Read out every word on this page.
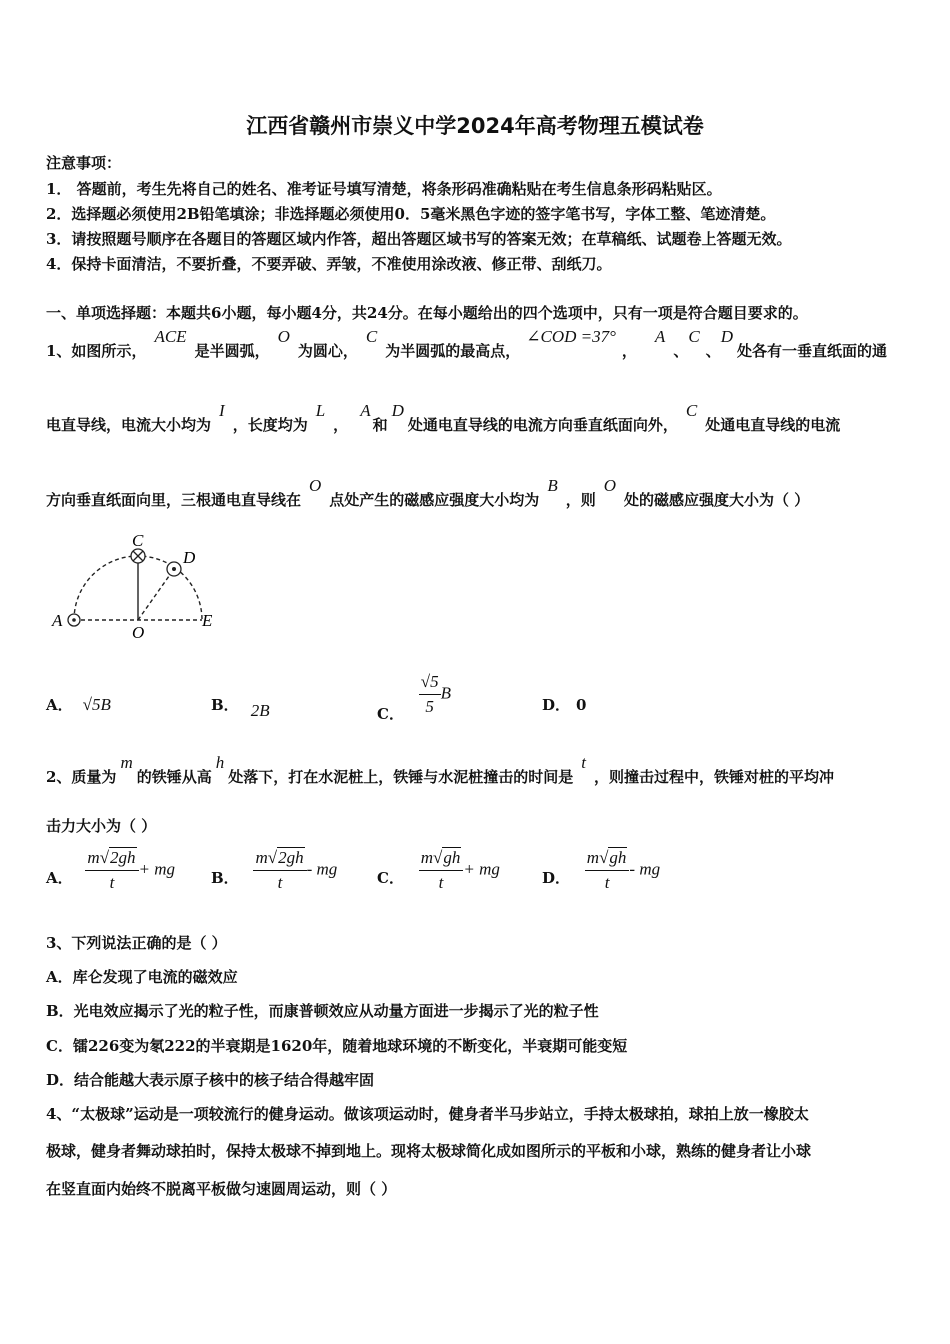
江西省赣州市崇义中学2024年高考物理五模试卷
注意事项：
1． 答题前，考生先将自己的姓名、准考证号填写清楚，将条形码准确粘贴在考生信息条形码粘贴区。
2．选择题必须使用2B铅笔填涂；非选择题必须使用0．5毫米黑色字迹的签字笔书写，字体工整、笔迹清楚。
3．请按照题号顺序在各题目的答题区域内作答，超出答题区域书写的答案无效；在草稿纸、试题卷上答题无效。
4．保持卡面清洁，不要折叠，不要弄破、弄皱，不准使用涂改液、修正带、刮纸刀。
一、单项选择题：本题共6小题，每小题4分，共24分。在每小题给出的四个选项中，只有一项是符合题目要求的。
1、如图所示，ACE是半圆弧，O为圆心，C为半圆弧的最高点，∠COD =37°，A、C、D处各有一垂直纸面的通
电直导线，电流大小均为I，长度均为L，A和D处通电直导线的电流方向垂直纸面向外，C处通电直导线的电流
方向垂直纸面向里，三根通电直导线在O点处产生的磁感应强度大小均为B，则O处的磁感应强度大小为（ ）
A
C
D
O
E
A． √5B	B． 2B	C． $\frac{√5}{5}$ B
D． 0
2、质量为m的铁锤从高h处落下，打在水泥桩上，铁锤与水泥桩撞击的时间是t，则撞击过程中，铁锤对桩的平均冲
击力大小为（ ）
A． $\frac{m√2gh}{t}$ + mg B． $\frac{m√2gh}{t}$ - mg	C． $\frac{m√gh}{t}$ + mg	D． $\frac{m√gh}{t}$ - mg
3、下列说法正确的是（ ）
A．库仑发现了电流的磁效应
B．光电效应揭示了光的粒子性，而康普顿效应从动量方面进一步揭示了光的粒子性
C．镭226变为氡222的半衰期是1620年，随着地球环境的不断变化，半衰期可能变短
D．结合能越大表示原子核中的核子结合得越牢固
4、“太极球”运动是一项较流行的健身运动。做该项运动时，健身者半马步站立，手持太极球拍，球拍上放一橡胶太
极球，健身者舞动球拍时，保持太极球不掉到地上。现将太极球简化成如图所示的平板和小球，熟练的健身者让小球
在竖直面内始终不脱离平板做匀速圆周运动，则（ ）
